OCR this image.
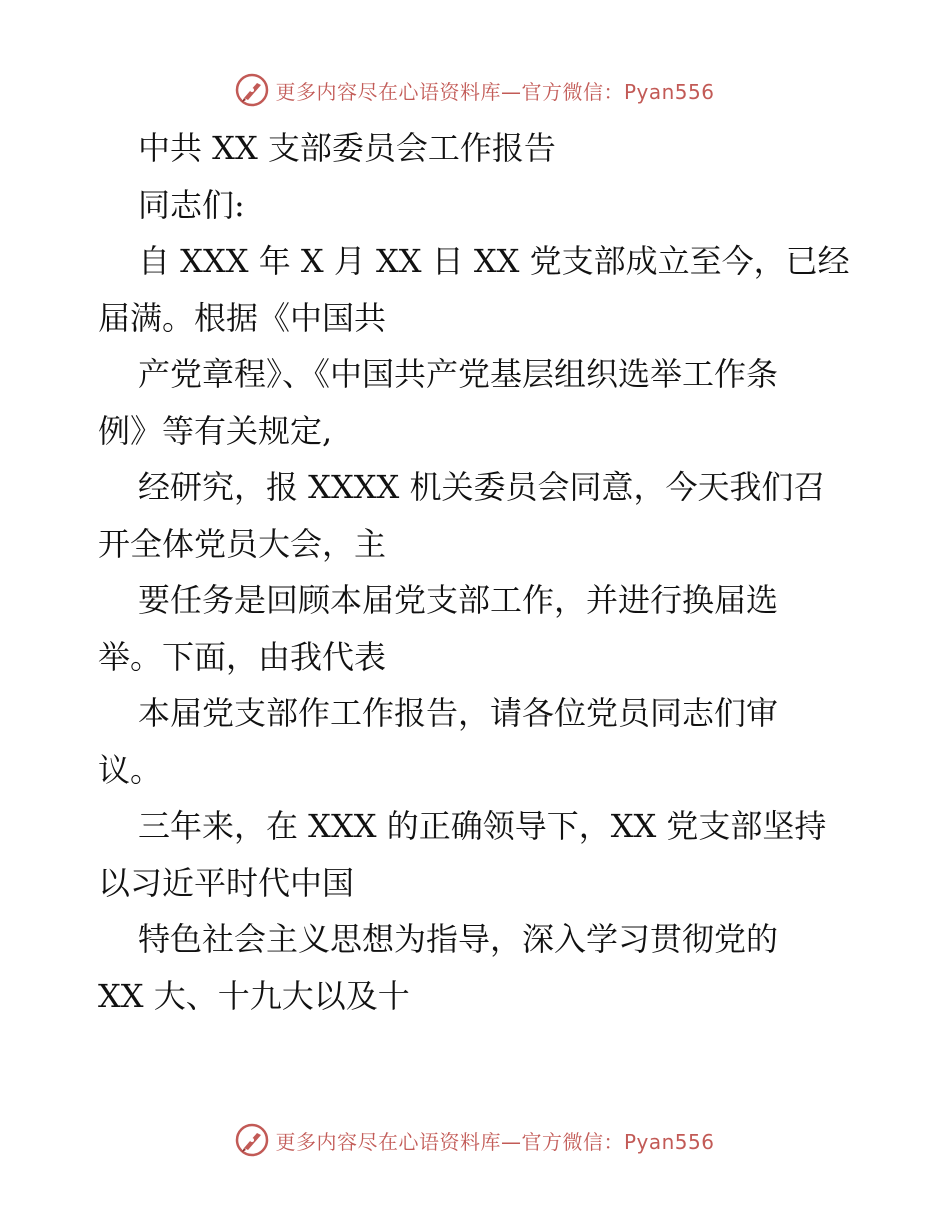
更多内容尽在心语资料库—官方微信：Pyan556
中共 XX 支部委员会工作报告
同志们:
自 XXX 年 X 月 XX 日 XX 党支部成立至今，已经
届满。根据《中国共
产党章程》、《中国共产党基层组织选举工作条
例》等有关规定,
经研究，报 XXXX 机关委员会同意，今天我们召
开全体党员大会，主
要任务是回顾本届党支部工作，并进行换届选
举。下面，由我代表
本届党支部作工作报告，请各位党员同志们审
议。
三年来，在 XXX 的正确领导下，XX 党支部坚持
以习近平时代中国
特色社会主义思想为指导，深入学习贯彻党的
XX 大、十九大以及十
更多内容尽在心语资料库—官方微信：Pyan556
